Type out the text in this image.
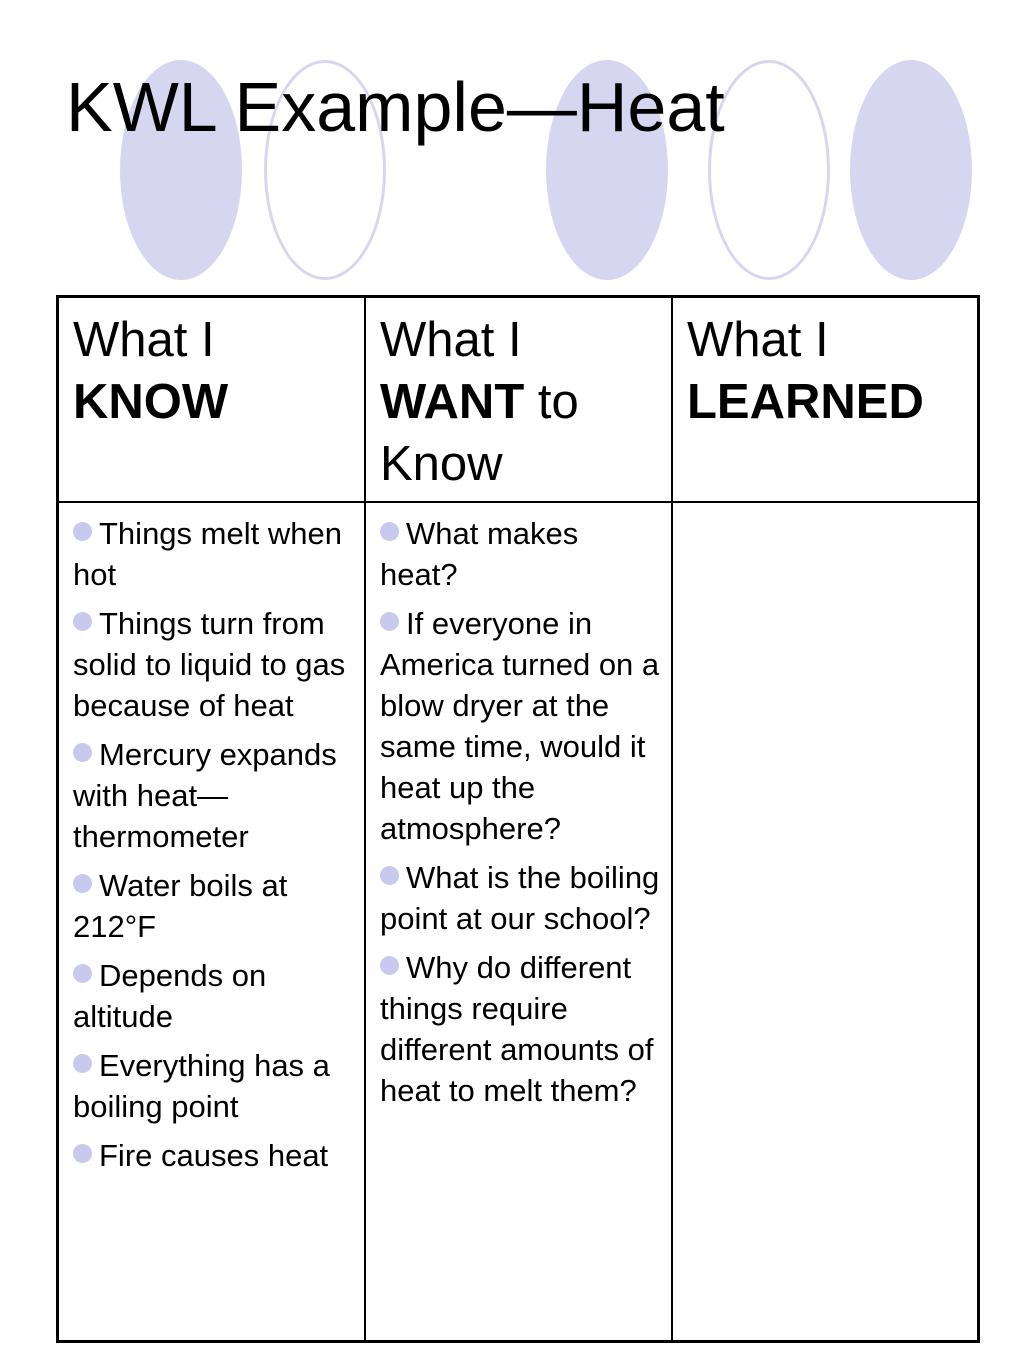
KWL Example—Heat
What I
KNOW
What I
WANT to Know
What I
LEARNED
Things melt when hot
Things turn from solid to liquid to gas because of heat
Mercury expands with heat— thermometer
Water boils at 212°F
Depends on altitude
Everything has a boiling point
Fire causes heat
What makes heat?
If everyone in America turned on a blow dryer at the same time, would it heat up the atmosphere?
What is the boiling point at our school?
Why do different things require different amounts of heat to melt them?
